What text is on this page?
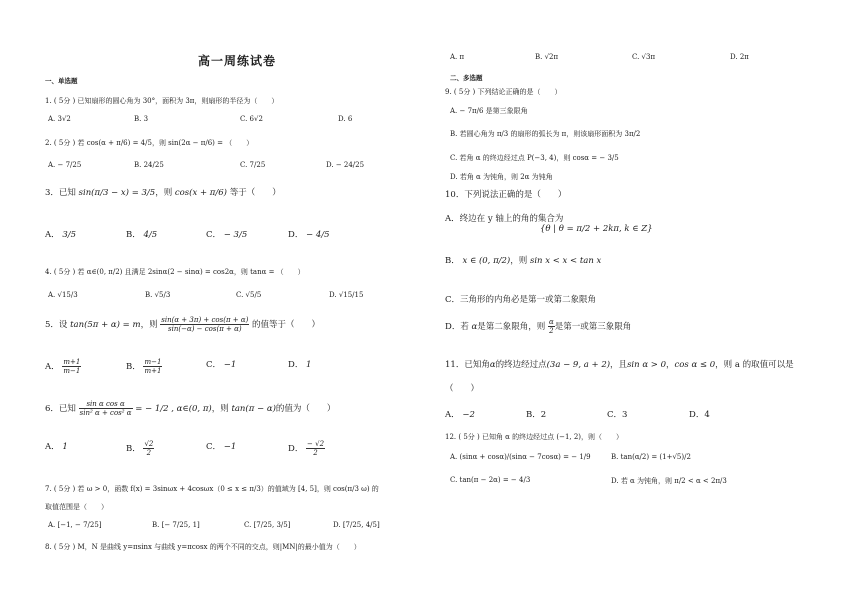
高一周练试卷
一、单选题
1. ( 5分 ) 已知扇形的圆心角为 30°，面积为 3π，则扇形的半径为（　　）
A. 3√2	B. 3	C. 6√2	D. 6
2. ( 5分 ) 若 cos(α + π/6) = 4/5，则 sin(2α − π/6) = （　　）
A. − 7/25	B. 24/25	C. 7/25	D. − 24/25
3．已知 sin(π/3 − x) = 3/5，则 cos(x + π/6) 等于（　　）
A． 3/5	B． 4/5	C． − 3/5	D． − 4/5
4. ( 5分 ) 若 α∈(0, π/2) 且满足 2sinα(2 − sinα) = cos2α，则 tanα = （　　）
A. √15/3	B. √5/3	C. √5/5	D. √15/15
5．设 tan(5π + α) = m，则 $\frac{\sin(\alpha + 3\pi) + \cos(\pi + \alpha)}{\sin(-\alpha) - \cos(\pi + \alpha)}$ 的值等于（　　）
A． $\frac{m+1}{m-1}$	B． $\frac{m-1}{m+1}$	C． −1	D． 1
6．已知 $\frac{\text{sin α cos α}}{\text{sin² α + cos² α}}$ = − 1/2 , α∈(0, π)，则 tan(π − α)的值为（　　）
A． 1	B． $\frac{√2}{2}$	C． −1	D． $\frac{- √2}{2}$
7. ( 5分 ) 若 ω > 0，函数 f(x) = 3sinωx + 4cosωx（0 ≤ x ≤ π/3）的值域为 [4, 5]，则 cos(π/3 ω) 的
取值范围是（　　）
A. [−1, − 7/25]	B. [− 7/25, 1]	C. [7/25, 3/5]	D. [7/25, 4/5]
8. ( 5分 ) M，N 是曲线 y=πsinx 与曲线 y=πcosx 的两个不同的交点，则|MN|的最小值为（　　）
A. π	B. √2π	C. √3π	D. 2π
二、多选题
9. ( 5分 ) 下列结论正确的是（　　）
A. − 7π/6 是第三象限角
B. 若圆心角为 π/3 的扇形的弧长为 π，则该扇形面积为 3π/2
C. 若角 α 的终边经过点 P(−3, 4)，则 cosα = − 3/5
D. 若角 α 为钝角，则 2α 为钝角
10．下列说法正确的是（　　）
A．终边在 y 轴上的角的集合为
{θ | θ = π/2 + 2kπ, k ∈ Z}
B． x ∈ (0, π/2)，则 sin x < x < tan x
C．三角形的内角必是第一或第二象限角
D．若 α是第二象限角，则 $\frac{\alpha}{2}$ 是第一或第三象限角
11．已知角α的终边经过点(3a − 9, a + 2)，且sin α > 0，cos α ≤ 0，则 a 的取值可以是
（　　）
A． −2	B．2	C．3	D．4
12. ( 5分 ) 已知角 α 的终边经过点 (−1, 2)，则（　　）
A. (sinα + cosα)/(sinα − 7cosα) = − 1/9	B. tan(α/2) = (1+√5)/2
C. tan(π − 2α) = − 4/3	D. 若 α 为钝角，则 π/2 < α < 2π/3
